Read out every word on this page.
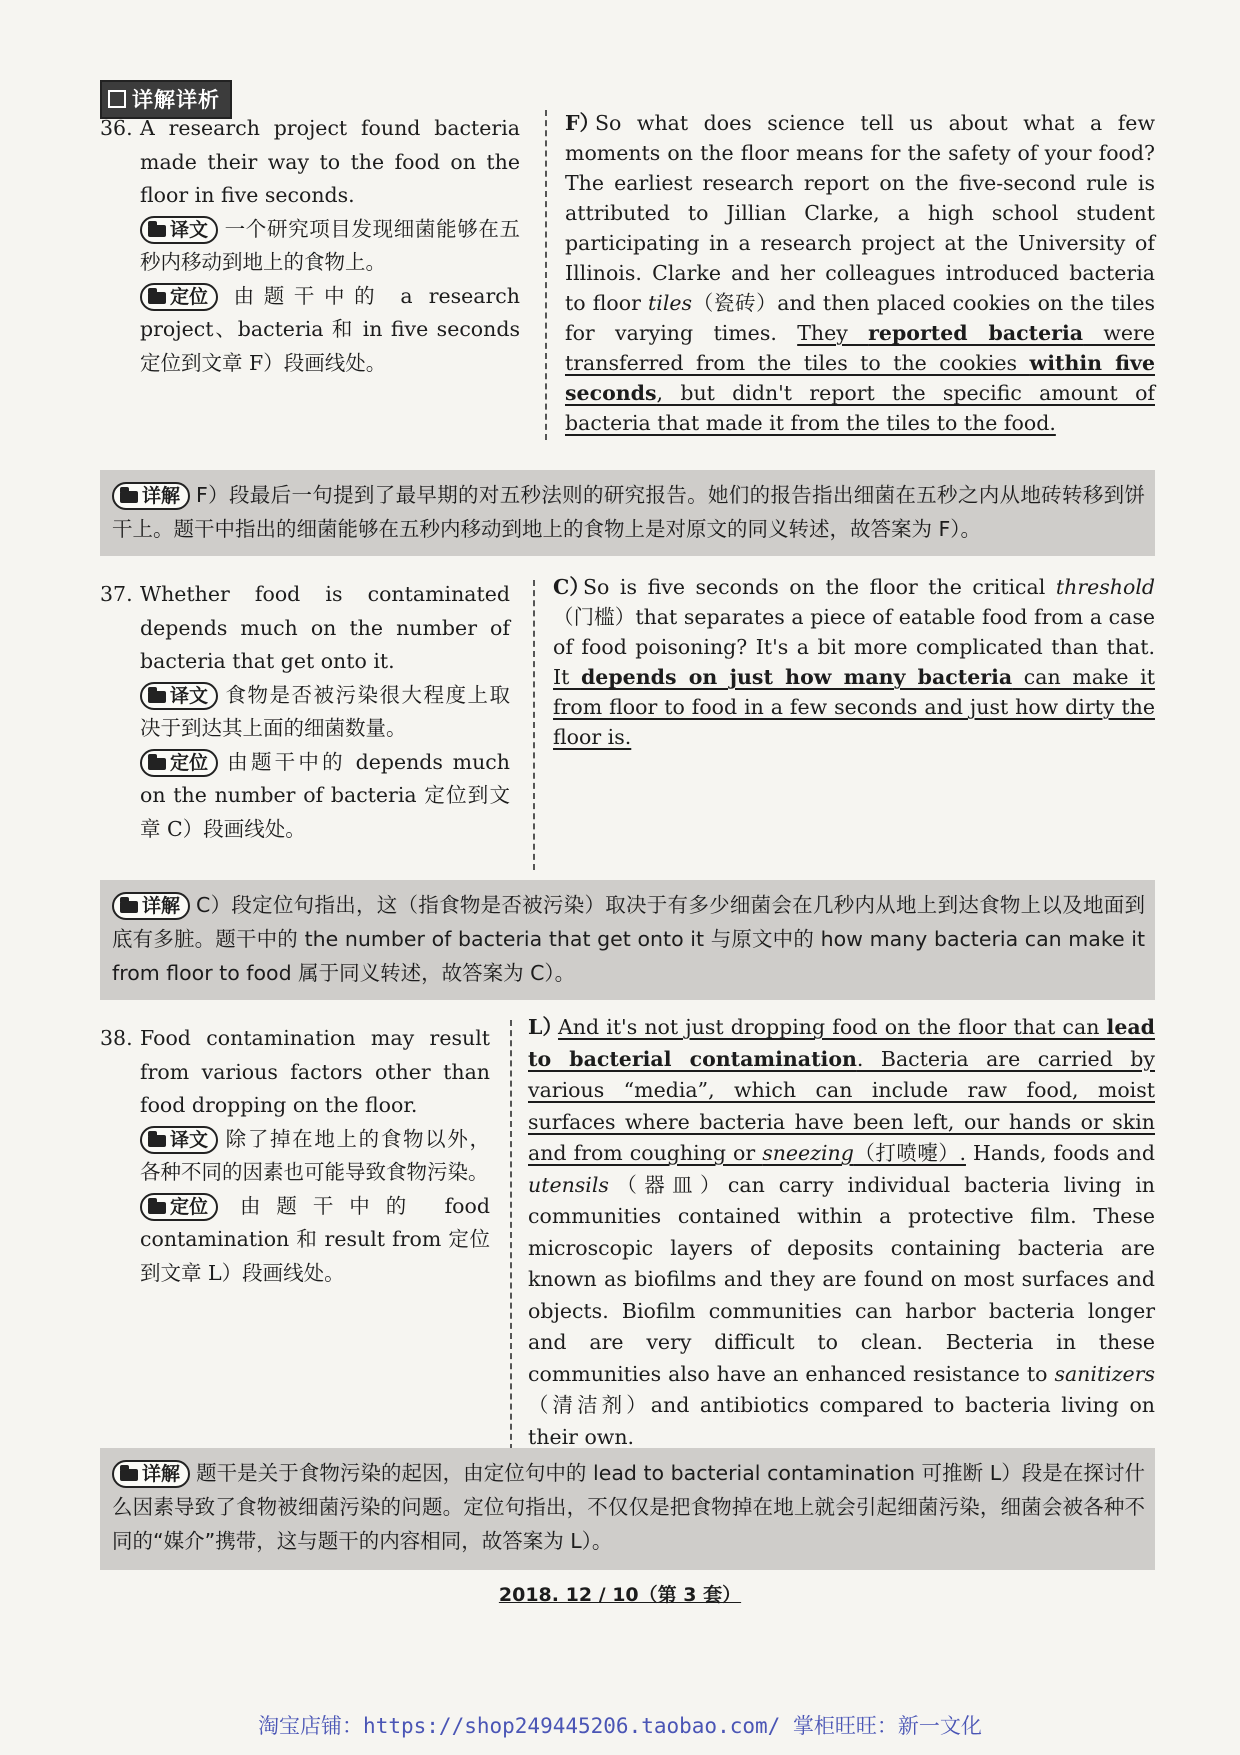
详解详析
36. A research project found bacteria made their way to the food on the floor in five seconds.
译文 一个研究项目发现细菌能够在五秒内移动到地上的食物上。
定位 由题干中的 a research project、bacteria 和 in five seconds 定位到文章 F）段画线处。
F）So what does science tell us about what a few moments on the floor means for the safety of your food? The earliest research report on the five-second rule is attributed to Jillian Clarke, a high school student participating in a research project at the University of Illinois. Clarke and her colleagues introduced bacteria to floor tiles（瓷砖）and then placed cookies on the tiles for varying times. They reported bacteria were transferred from the tiles to the cookies within five seconds, but didn't report the specific amount of bacteria that made it from the tiles to the food.
详解 F）段最后一句提到了最早期的对五秒法则的研究报告。她们的报告指出细菌在五秒之内从地砖转移到饼干上。题干中指出的细菌能够在五秒内移动到地上的食物上是对原文的同义转述，故答案为 F）。
37. Whether food is contaminated depends much on the number of bacteria that get onto it.
译文 食物是否被污染很大程度上取决于到达其上面的细菌数量。
定位 由题干中的 depends much on the number of bacteria 定位到文章 C）段画线处。
C）So is five seconds on the floor the critical threshold（门槛）that separates a piece of eatable food from a case of food poisoning? It's a bit more complicated than that. It depends on just how many bacteria can make it from floor to food in a few seconds and just how dirty the floor is.
详解 C）段定位句指出，这（指食物是否被污染）取决于有多少细菌会在几秒内从地上到达食物上以及地面到底有多脏。题干中的 the number of bacteria that get onto it 与原文中的 how many bacteria can make it from floor to food 属于同义转述，故答案为 C）。
38. Food contamination may result from various factors other than food dropping on the floor.
译文 除了掉在地上的食物以外，各种不同的因素也可能导致食物污染。
定位 由题干中的 food contamination 和 result from 定位到文章 L）段画线处。
L）And it's not just dropping food on the floor that can lead to bacterial contamination. Bacteria are carried by various “media”, which can include raw food, moist surfaces where bacteria have been left, our hands or skin and from coughing or sneezing（打喷嚏）. Hands, foods and utensils（器皿）can carry individual bacteria living in communities contained within a protective film. These microscopic layers of deposits containing bacteria are known as biofilms and they are found on most surfaces and objects. Biofilm communities can harbor bacteria longer and are very difficult to clean. Becteria in these communities also have an enhanced resistance to sanitizers（清洁剂）and antibiotics compared to bacteria living on their own.
详解 题干是关于食物污染的起因，由定位句中的 lead to bacterial contamination 可推断 L）段是在探讨什么因素导致了食物被细菌污染的问题。定位句指出，不仅仅是把食物掉在地上就会引起细菌污染，细菌会被各种不同的“媒介”携带，这与题干的内容相同，故答案为 L）。
2018. 12 / 10（第 3 套）
淘宝店铺：https://shop249445206.taobao.com/ 掌柜旺旺：新一文化
